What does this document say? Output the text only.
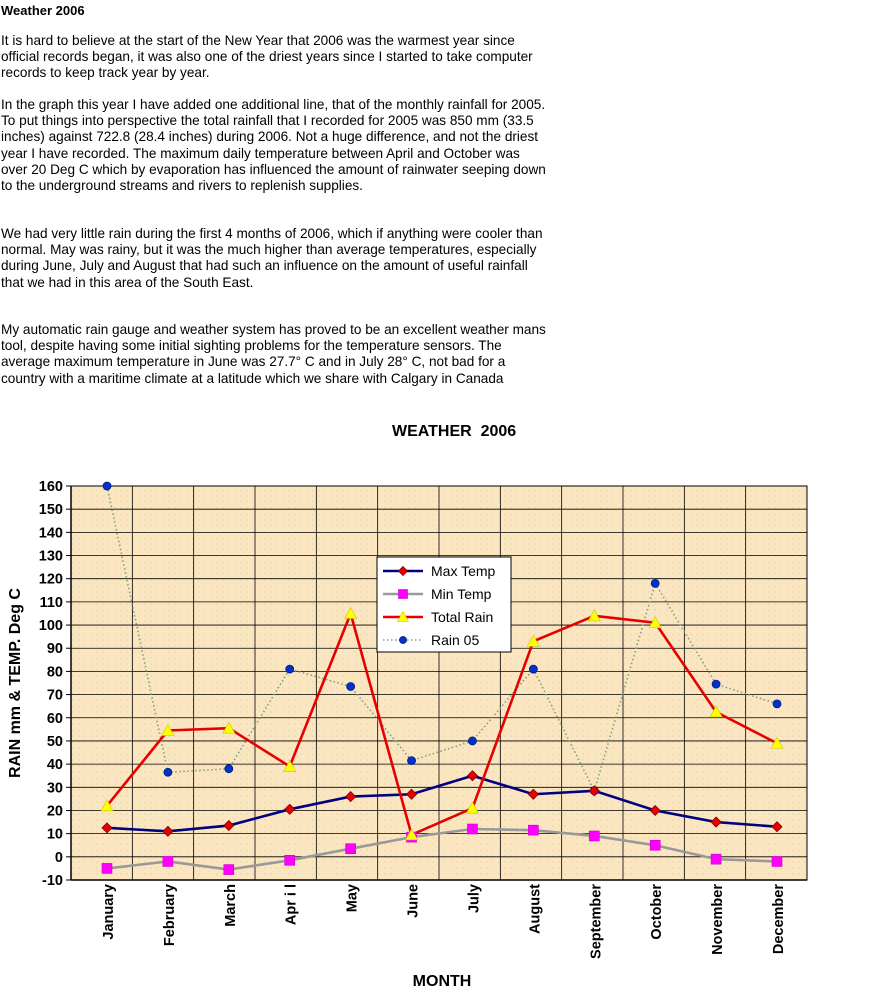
Weather 2006

It is hard to believe at the start of the New Year that 2006 was the warmest year since official records began, it was also one of the driest years since I started to take computer records to keep track year by year.

In the graph this year I have added one additional line, that of the monthly rainfall for 2005. To put things into perspective the total rainfall that I recorded for 2005 was 850 mm (33.5 inches) against 722.8 (28.4 inches) during 2006. Not a huge difference, and not the driest year I have recorded. The maximum daily temperature between April and October was over 20 Deg C which by evaporation has influenced the amount of rainwater seeping down to the underground streams and rivers to replenish supplies.

We had very little rain during the first 4 months of 2006, which if anything were cooler than normal. May was rainy, but it was the much higher than average temperatures, especially during June, July and August that had such an influence on the amount of useful rainfall that we had in this area of the South East.

My automatic rain gauge and weather system has proved to be an excellent weather mans tool, despite having some initial sighting problems for the temperature sensors. The average maximum temperature in June was 27.7° C and in July 28° C, not bad for a country with a maritime climate at a latitude which we share with Calgary in Canada

WEATHER  2006
-10
0
10
20
30
40
50
60
70
80
90
100
110
120
130
140
150
160
January	February	March	Apr i l	May	June	July	August	September	October	November	December
RAIN mm & TEMP. Deg C
MONTH
Max Temp
Min Temp
Total Rain
Rain 05
